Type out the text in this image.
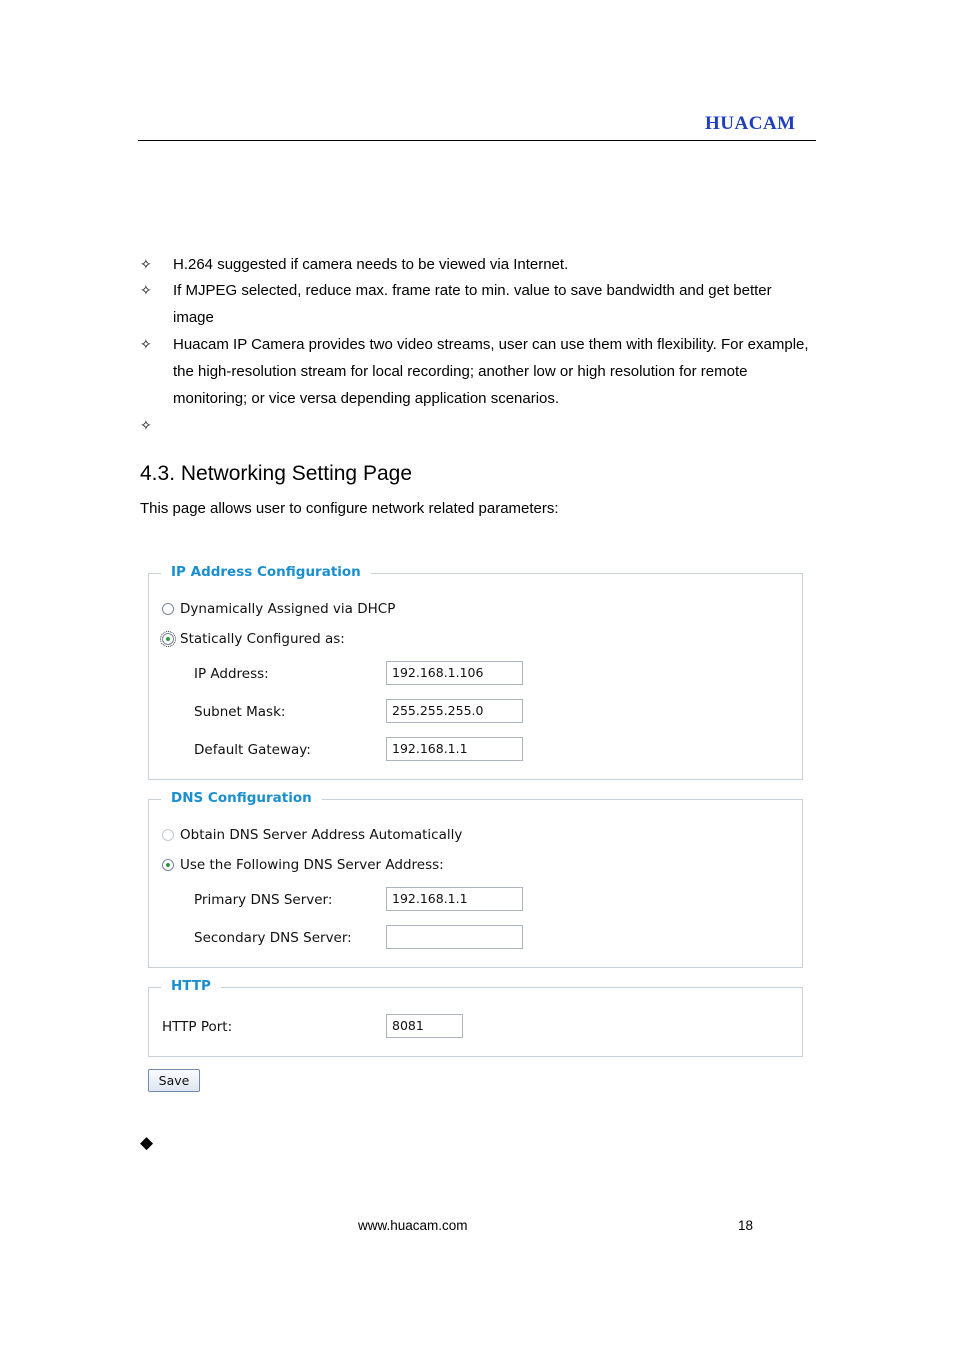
HUACAM
✧ H.264 suggested if camera needs to be viewed via Internet.
✧ If MJPEG selected, reduce max. frame rate to min. value to save bandwidth and get better image
✧ Huacam IP Camera provides two video streams, user can use them with flexibility. For example, the high-resolution stream for local recording; another low or high resolution for remote monitoring; or vice versa depending application scenarios.
✧
4.3. Networking Setting Page
This page allows user to configure network related parameters:
IP Address Configuration
Dynamically Assigned via DHCP
Statically Configured as:
IP Address:	192.168.1.106
Subnet Mask:	255.255.255.0
Default Gateway:	192.168.1.1
DNS Configuration
Obtain DNS Server Address Automatically
Use the Following DNS Server Address:
Primary DNS Server:	192.168.1.1
Secondary DNS Server:
HTTP
HTTP Port:	8081
Save
◆
www.huacam.com	18
